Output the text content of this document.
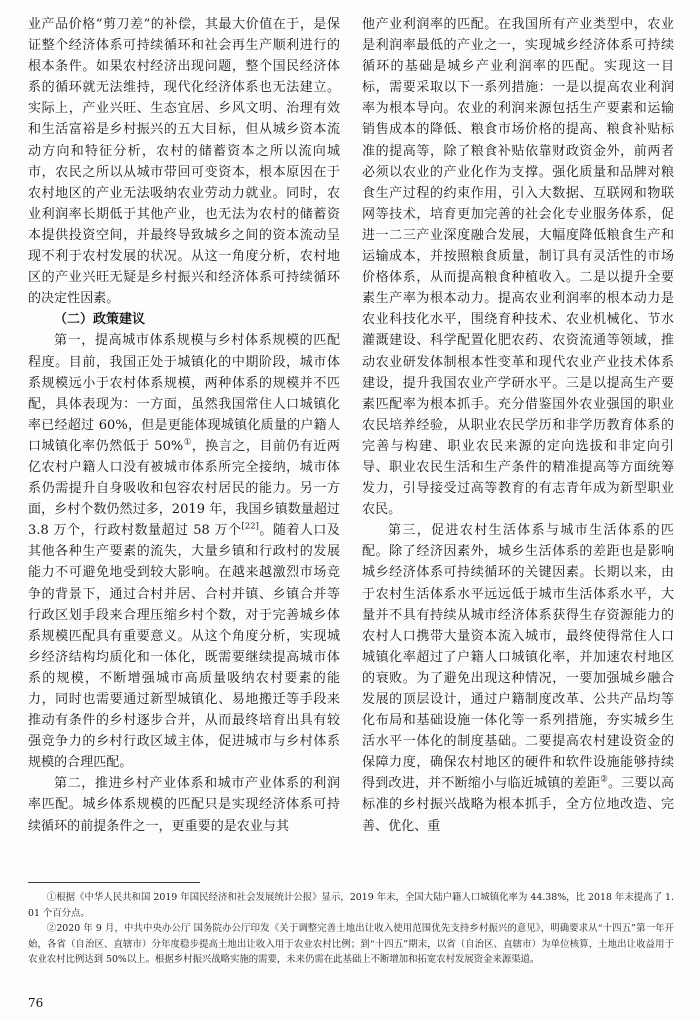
业产品价格“剪刀差”的补偿，其最大价值在于，是保证整个经济体系可持续循环和社会再生产顺利进行的根本条件。如果农村经济出现问题，整个国民经济体系的循环就无法维持，现代化经济体系也无法建立。实际上，产业兴旺、生态宜居、乡风文明、治理有效和生活富裕是乡村振兴的五大目标，但从城乡资本流动方向和特征分析，农村的储蓄资本之所以流向城市，农民之所以从城市带回可变资本，根本原因在于农村地区的产业无法吸纳农业劳动力就业。同时，农业利润率长期低于其他产业，也无法为农村的储蓄资本提供投资空间，并最终导致城乡之间的资本流动呈现不利于农村发展的状况。从这一角度分析，农村地区的产业兴旺无疑是乡村振兴和经济体系可持续循环的决定性因素。

（二）政策建议

第一，提高城市体系规模与乡村体系规模的匹配程度。目前，我国正处于城镇化的中期阶段，城市体系规模远小于农村体系规模，两种体系的规模并不匹配，具体表现为：一方面，虽然我国常住人口城镇化率已经超过 60%，但是更能体现城镇化质量的户籍人口城镇化率仍然低于 50%①，换言之，目前仍有近两亿农村户籍人口没有被城市体系所完全接纳，城市体系仍需提升自身吸收和包容农村居民的能力。另一方面，乡村个数仍然过多，2019 年，我国乡镇数量超过 3.8 万个，行政村数量超过 58 万个[22]。随着人口及其他各种生产要素的流失，大量乡镇和行政村的发展能力不可避免地受到较大影响。在越来越激烈市场竞争的背景下，通过合村并居、合村并镇、乡镇合并等行政区划手段来合理压缩乡村个数，对于完善城乡体系规模匹配具有重要意义。从这个角度分析，实现城乡经济结构均质化和一体化，既需要继续提高城市体系的规模，不断增强城市高质量吸纳农村要素的能力，同时也需要通过新型城镇化、易地搬迁等手段来推动有条件的乡村逐步合并，从而最终培育出具有较强竞争力的乡村行政区域主体，促进城市与乡村体系规模的合理匹配。

第二，推进乡村产业体系和城市产业体系的利润率匹配。城乡体系规模的匹配只是实现经济体系可持续循环的前提条件之一，更重要的是农业与其

他产业利润率的匹配。在我国所有产业类型中，农业是利润率最低的产业之一，实现城乡经济体系可持续循环的基础是城乡产业利润率的匹配。实现这一目标，需要采取以下一系列措施：一是以提高农业利润率为根本导向。农业的利润来源包括生产要素和运输销售成本的降低、粮食市场价格的提高、粮食补贴标准的提高等，除了粮食补贴依靠财政资金外，前两者必须以农业的产业化作为支撑。强化质量和品牌对粮食生产过程的约束作用，引入大数据、互联网和物联网等技术，培育更加完善的社会化专业服务体系，促进一二三产业深度融合发展，大幅度降低粮食生产和运输成本，并按照粮食质量，制订具有灵活性的市场价格体系，从而提高粮食种植收入。二是以提升全要素生产率为根本动力。提高农业利润率的根本动力是农业科技化水平，围绕育种技术、农业机械化、节水灌溉建设、科学配置化肥农药、农资流通等领域，推动农业研发体制根本性变革和现代农业产业技术体系建设，提升我国农业产学研水平。三是以提高生产要素匹配率为根本抓手。充分借鉴国外农业强国的职业农民培养经验，从职业农民学历和非学历教育体系的完善与构建、职业农民来源的定向选拔和非定向引导、职业农民生活和生产条件的精准提高等方面统筹发力，引导接受过高等教育的有志青年成为新型职业农民。

第三，促进农村生活体系与城市生活体系的匹配。除了经济因素外，城乡生活体系的差距也是影响城乡经济体系可持续循环的关键因素。长期以来，由于农村生活体系水平远远低于城市生活体系水平，大量并不具有持续从城市经济体系获得生存资源能力的农村人口携带大量资本流入城市，最终使得常住人口城镇化率超过了户籍人口城镇化率，并加速农村地区的衰败。为了避免出现这种情况，一要加强城乡融合发展的顶层设计，通过户籍制度改革、公共产品均等化布局和基础设施一体化等一系列措施，夯实城乡生活水平一体化的制度基础。二要提高农村建设资金的保障力度，确保农村地区的硬件和软件设施能够持续得到改进，并不断缩小与临近城镇的差距②。三要以高标准的乡村振兴战略为根本抓手，全方位地改造、完善、优化、重

①根据《中华人民共和国 2019 年国民经济和社会发展统计公报》显示，2019 年末，全国大陆户籍人口城镇化率为 44.38%，比 2018 年末提高了 1.01 个百分点。

②2020 年 9 月，中共中央办公厅 国务院办公厅印发《关于调整完善土地出让收入使用范围优先支持乡村振兴的意见》，明确要求从“十四五”第一年开始，各省（自治区、直辖市）分年度稳步提高土地出让收入用于农业农村比例；到“十四五”期末，以省（自治区、直辖市）为单位核算，土地出让收益用于农业农村比例达到 50%以上。根据乡村振兴战略实施的需要，未来仍需在此基础上不断增加和拓宽农村发展资金来源渠道。

76
